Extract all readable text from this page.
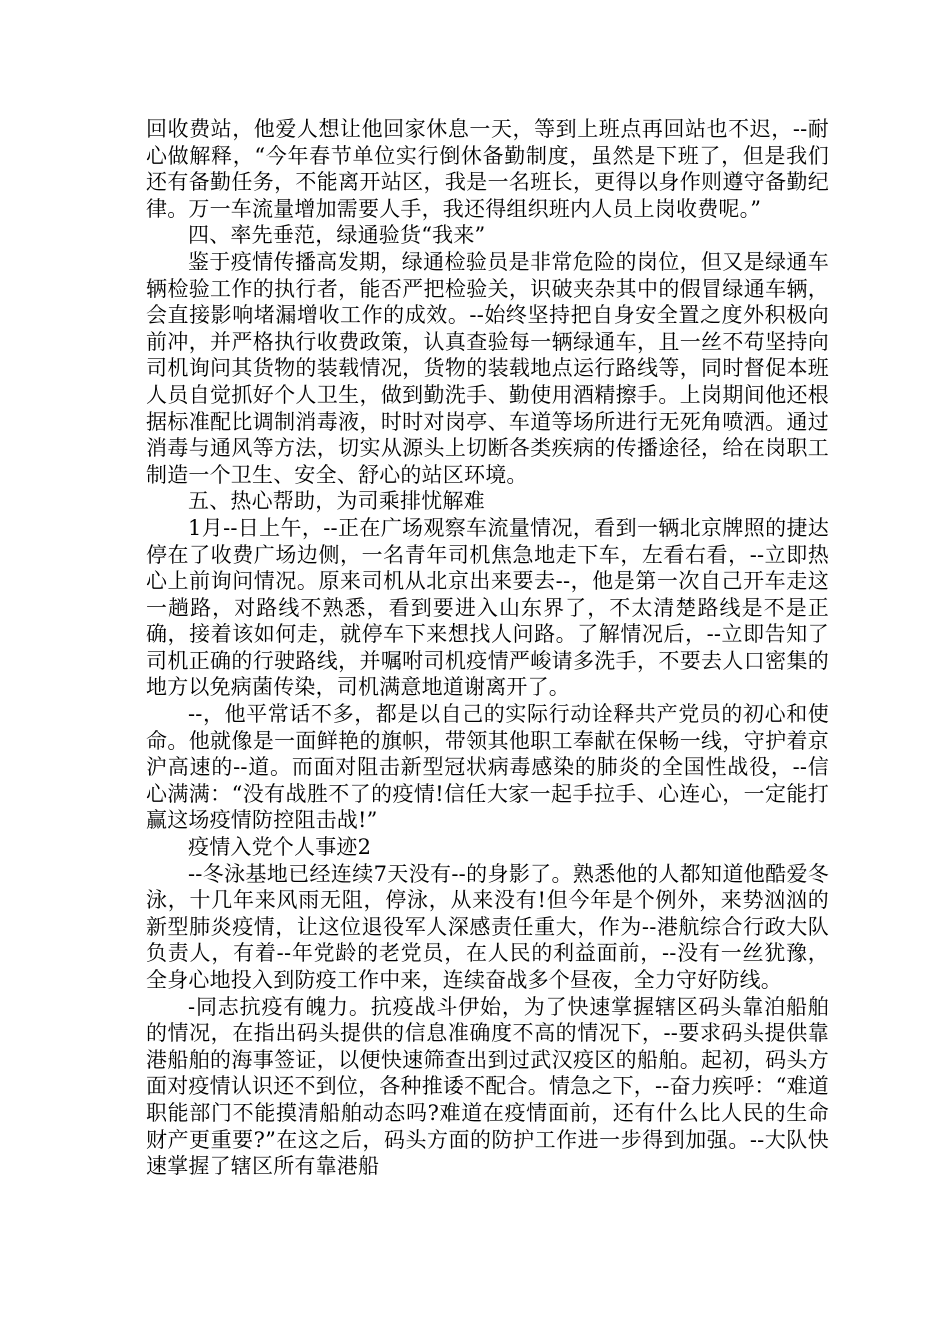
回收费站，他爱人想让他回家休息一天，等到上班点再回站也不迟，--耐心做解释，“今年春节单位实行倒休备勤制度，虽然是下班了，但是我们还有备勤任务，不能离开站区，我是一名班长，更得以身作则遵守备勤纪律。万一车流量增加需要人手，我还得组织班内人员上岗收费呢。”

四、率先垂范，绿通验货“我来”

鉴于疫情传播高发期，绿通检验员是非常危险的岗位，但又是绿通车辆检验工作的执行者，能否严把检验关，识破夹杂其中的假冒绿通车辆，会直接影响堵漏增收工作的成效。--始终坚持把自身安全置之度外积极向前冲，并严格执行收费政策，认真查验每一辆绿通车，且一丝不苟坚持向司机询问其货物的装载情况，货物的装载地点运行路线等，同时督促本班人员自觉抓好个人卫生，做到勤洗手、勤使用酒精擦手。上岗期间他还根据标准配比调制消毒液，时时对岗亭、车道等场所进行无死角喷洒。通过消毒与通风等方法，切实从源头上切断各类疾病的传播途径，给在岗职工制造一个卫生、安全、舒心的站区环境。

五、热心帮助，为司乘排忧解难

1月--日上午，--正在广场观察车流量情况，看到一辆北京牌照的捷达停在了收费广场边侧，一名青年司机焦急地走下车，左看右看，--立即热心上前询问情况。原来司机从北京出来要去--，他是第一次自己开车走这一趟路，对路线不熟悉，看到要进入山东界了，不太清楚路线是不是正确，接着该如何走，就停车下来想找人问路。了解情况后，--立即告知了司机正确的行驶路线，并嘱咐司机疫情严峻请多洗手，不要去人口密集的地方以免病菌传染，司机满意地道谢离开了。

--，他平常话不多，都是以自己的实际行动诠释共产党员的初心和使命。他就像是一面鲜艳的旗帜，带领其他职工奉献在保畅一线，守护着京沪高速的--道。而面对阻击新型冠状病毒感染的肺炎的全国性战役，--信心满满：“没有战胜不了的疫情!信任大家一起手拉手、心连心，一定能打赢这场疫情防控阻击战!”

疫情入党个人事迹2

--冬泳基地已经连续7天没有--的身影了。熟悉他的人都知道他酷爱冬泳，十几年来风雨无阻，停泳，从来没有!但今年是个例外，来势汹汹的新型肺炎疫情，让这位退役军人深感责任重大，作为--港航综合行政大队负责人，有着--年党龄的老党员，在人民的利益面前，--没有一丝犹豫，全身心地投入到防疫工作中来，连续奋战多个昼夜，全力守好防线。

-同志抗疫有魄力。抗疫战斗伊始，为了快速掌握辖区码头靠泊船舶的情况，在指出码头提供的信息准确度不高的情况下，--要求码头提供靠港船舶的海事签证，以便快速筛查出到过武汉疫区的船舶。起初，码头方面对疫情认识还不到位，各种推诿不配合。情急之下，--奋力疾呼：“难道职能部门不能摸清船舶动态吗?难道在疫情面前，还有什么比人民的生命财产更重要?”在这之后，码头方面的防护工作进一步得到加强。--大队快速掌握了辖区所有靠港船
